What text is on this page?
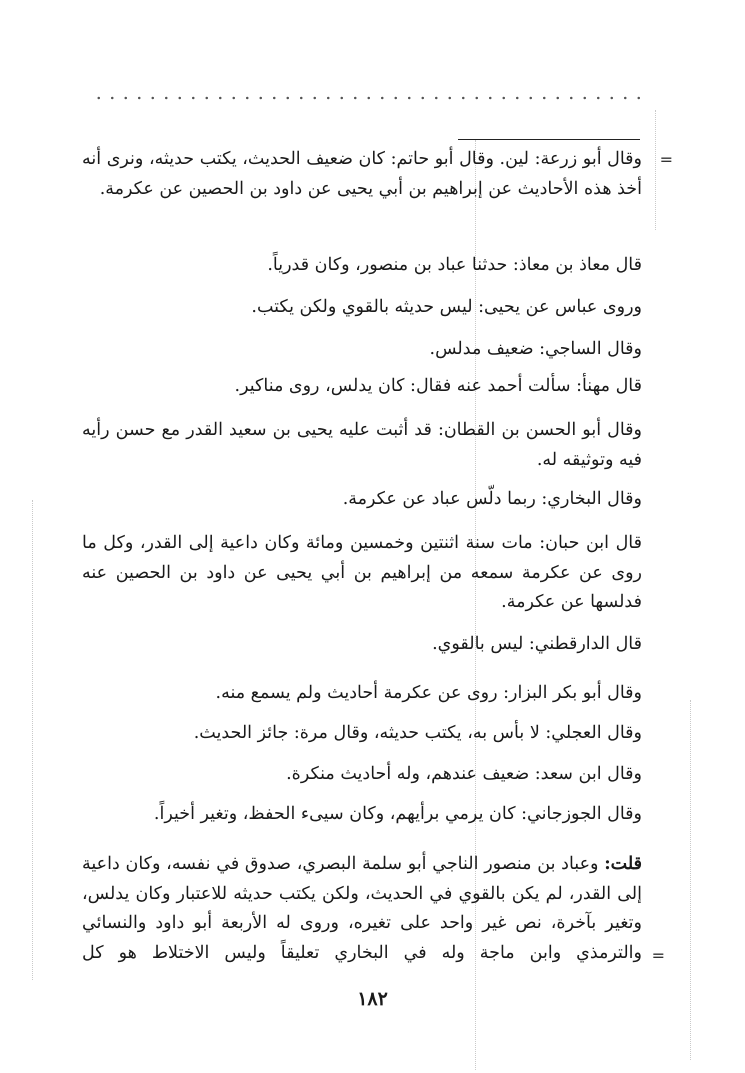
=

وقال أبو زرعة: لين. وقال أبو حاتم: كان ضعيف الحديث، يكتب حديثه، ونرى أنه أخذ هذه الأحاديث عن إبراهيم بن أبي يحيى عن داود بن الحصين عن عكرمة.

قال معاذ بن معاذ: حدثنا عباد بن منصور، وكان قدرياً.

وروى عباس عن يحيى: ليس حديثه بالقوي ولكن يكتب.

وقال الساجي: ضعيف مدلس.

قال مهنأ: سألت أحمد عنه فقال: كان يدلس، روى مناكير.

وقال أبو الحسن بن القطان: قد أثبت عليه يحيى بن سعيد القدر مع حسن رأيه فيه وتوثيقه له.

وقال البخاري: ربما دلّس عباد عن عكرمة.

قال ابن حبان: مات سنة اثنتين وخمسين ومائة وكان داعية إلى القدر، وكل ما روى عن عكرمة سمعه من إبراهيم بن أبي يحيى عن داود بن الحصين عنه فدلسها عن عكرمة.

قال الدارقطني: ليس بالقوي.

وقال أبو بكر البزار: روى عن عكرمة أحاديث ولم يسمع منه.

وقال العجلي: لا بأس به، يكتب حديثه، وقال مرة: جائز الحديث.

وقال ابن سعد: ضعيف عندهم، وله أحاديث منكرة.

وقال الجوزجاني: كان يرمي برأيهم، وكان سيىء الحفظ، وتغير أخيراً.

قلت: وعباد بن منصور الناجي أبو سلمة البصري، صدوق في نفسه، وكان داعية إلى القدر، لم يكن بالقوي في الحديث، ولكن يكتب حديثه للاعتبار وكان يدلس، وتغير بآخرة، نص غير واحد على تغيره، وروى له الأربعة أبو داود والنسائي والترمذي وابن ماجة وله في البخاري تعليقاً وليس الاختلاط هو كل =
١٨٢
